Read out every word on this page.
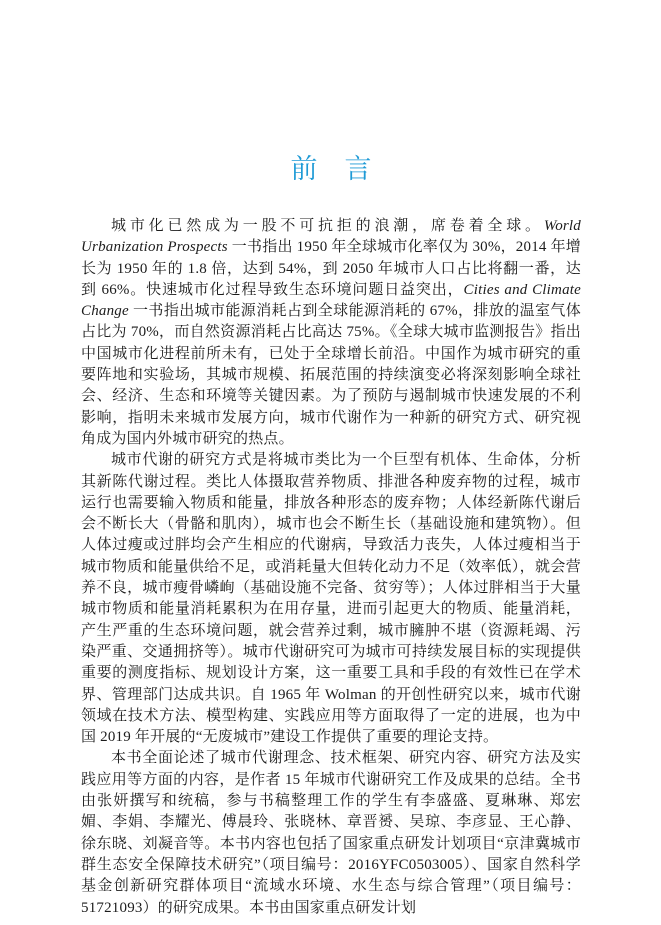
前　言

城市化已然成为一股不可抗拒的浪潮，席卷着全球。World Urbanization Prospects 一书指出 1950 年全球城市化率仅为 30%，2014 年增长为 1950 年的 1.8 倍，达到 54%，到 2050 年城市人口占比将翻一番，达到 66%。快速城市化过程导致生态环境问题日益突出，Cities and Climate Change 一书指出城市能源消耗占到全球能源消耗的 67%，排放的温室气体占比为 70%，而自然资源消耗占比高达 75%。《全球大城市监测报告》指出中国城市化进程前所未有，已处于全球增长前沿。中国作为城市研究的重要阵地和实验场，其城市规模、拓展范围的持续演变必将深刻影响全球社会、经济、生态和环境等关键因素。为了预防与遏制城市快速发展的不利影响，指明未来城市发展方向，城市代谢作为一种新的研究方式、研究视角成为国内外城市研究的热点。

城市代谢的研究方式是将城市类比为一个巨型有机体、生命体，分析其新陈代谢过程。类比人体摄取营养物质、排泄各种废弃物的过程，城市运行也需要输入物质和能量，排放各种形态的废弃物；人体经新陈代谢后会不断长大（骨骼和肌肉），城市也会不断生长（基础设施和建筑物）。但人体过瘦或过胖均会产生相应的代谢病，导致活力丧失，人体过瘦相当于城市物质和能量供给不足，或消耗量大但转化动力不足（效率低），就会营养不良，城市瘦骨嶙峋（基础设施不完备、贫穷等）；人体过胖相当于大量城市物质和能量消耗累积为在用存量，进而引起更大的物质、能量消耗，产生严重的生态环境问题，就会营养过剩，城市臃肿不堪（资源耗竭、污染严重、交通拥挤等）。城市代谢研究可为城市可持续发展目标的实现提供重要的测度指标、规划设计方案，这一重要工具和手段的有效性已在学术界、管理部门达成共识。自 1965 年 Wolman 的开创性研究以来，城市代谢领域在技术方法、模型构建、实践应用等方面取得了一定的进展，也为中国 2019 年开展的“无废城市”建设工作提供了重要的理论支持。

本书全面论述了城市代谢理念、技术框架、研究内容、研究方法及实践应用等方面的内容，是作者 15 年城市代谢研究工作及成果的总结。全书由张妍撰写和统稿，参与书稿整理工作的学生有李盛盛、夏琳琳、郑宏媚、李娟、李耀光、傅晨玲、张晓林、章晋赟、吴琼、李彦显、王心静、徐东晓、刘凝音等。本书内容也包括了国家重点研发计划项目“京津冀城市群生态安全保障技术研究”（项目编号：2016YFC0503005）、国家自然科学基金创新研究群体项目“流域水环境、水生态与综合管理”（项目编号：51721093）的研究成果。本书由国家重点研发计划
